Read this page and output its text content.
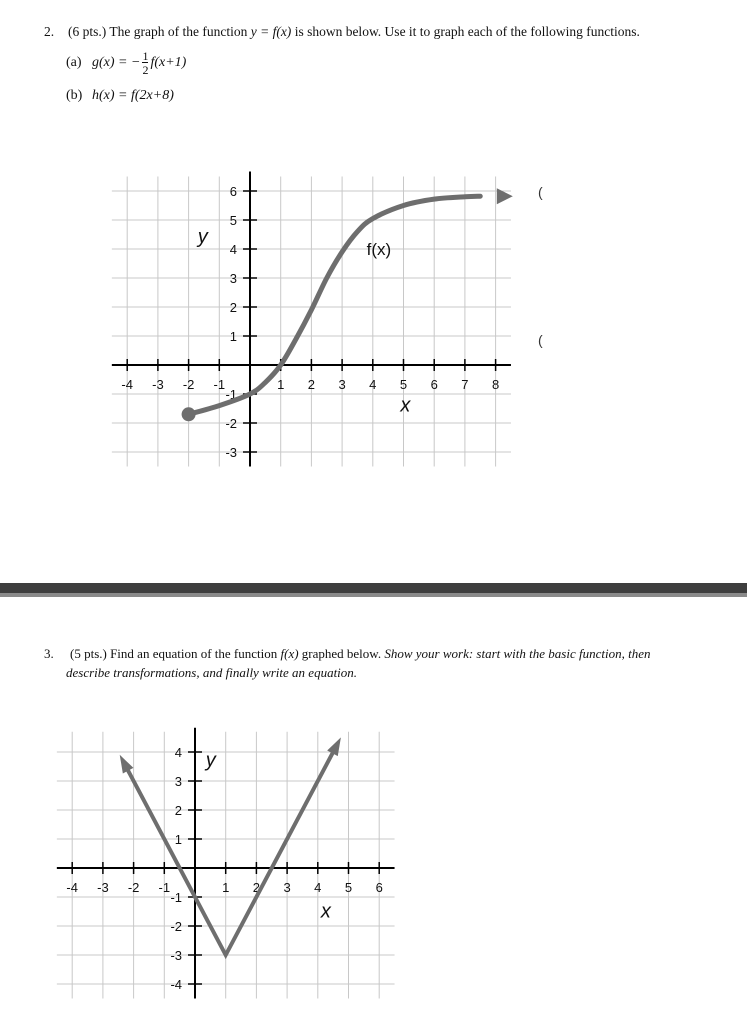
2. (6 pts.) The graph of the function y = f(x) is shown below. Use it to graph each of the following functions.
(a) g(x) = − $\frac{1}{2} f(x+1)$
(b) h(x) = f(2x+8)
-4 -3 -2 -1	1 2 3 4 5 6 7 8
1
2
3
4
5
6
-1
-2
-3
y
x
f(x)
(
(
3. (5 pts.) Find an equation of the function f(x) graphed below. Show your work: start with the basic function, then
describe transformations, and finally write an equation.
-4 -3 -2 -1	1 2 3 4 5 6
1
2
3
4
-1
-2
-3
-4
y
x
